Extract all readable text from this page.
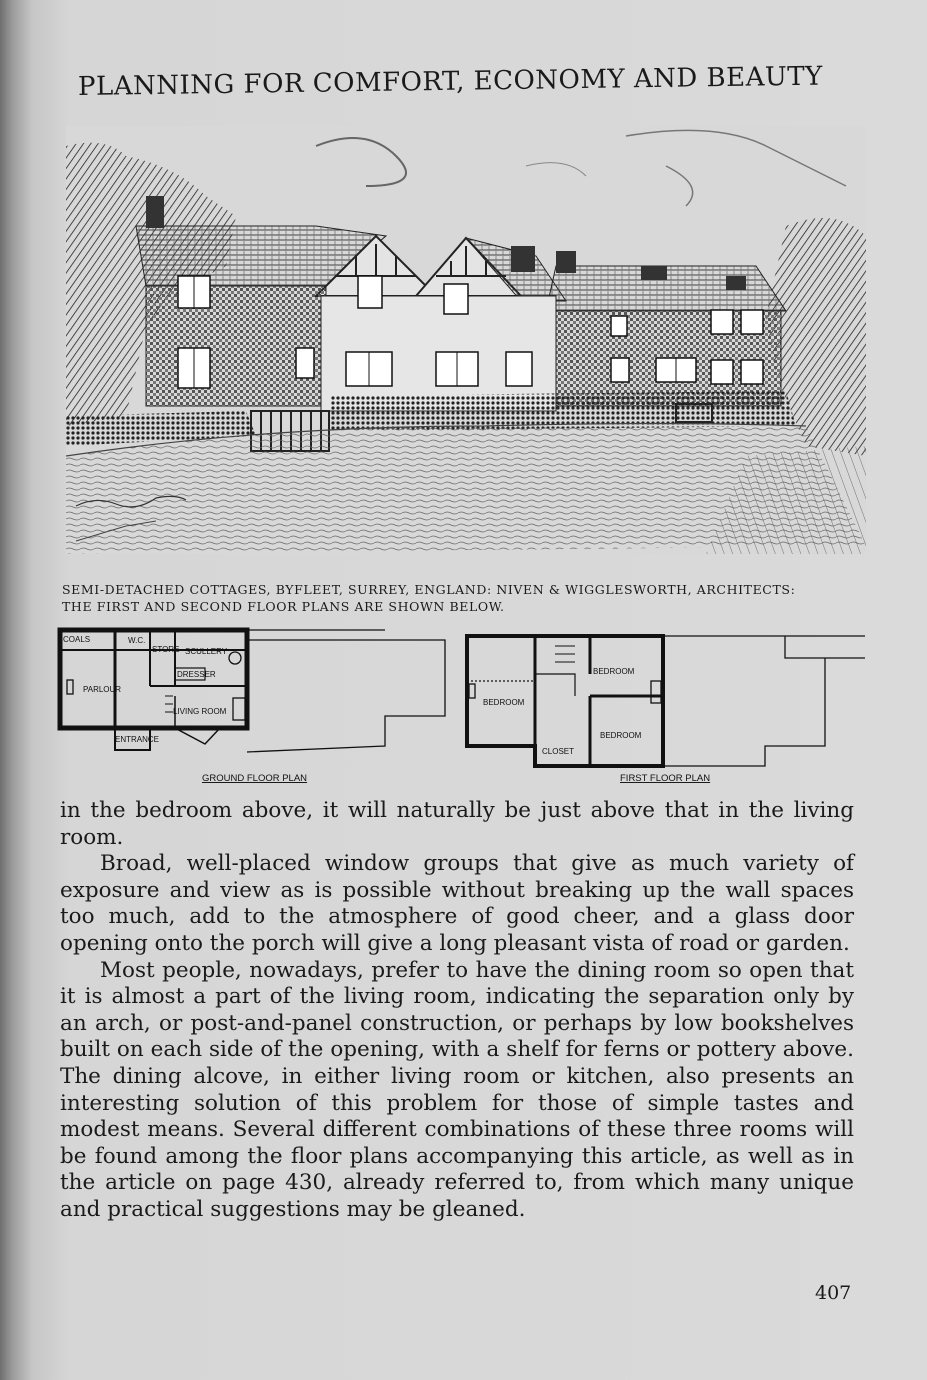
PLANNING FOR COMFORT, ECONOMY AND BEAUTY
SEMI-DETACHED COTTAGES, BYFLEET, SURREY, ENGLAND: NIVEN & WIGGLESWORTH, ARCHITECTS:
THE FIRST AND SECOND FLOOR PLANS ARE SHOWN BELOW.
COALS	W.C.
STORE SCULLERY
DRESSER
PARLOUR
LIVING ROOM
ENTRANCE
GROUND FLOOR PLAN
BEDROOM
BEDROOM
BEDROOM
CLOSET
FIRST FLOOR PLAN

in the bedroom above, it will naturally be just above that in the living room.

Broad, well-placed window groups that give as much variety of exposure and view as is possible without breaking up the wall spaces too much, add to the atmosphere of good cheer, and a glass door opening onto the porch will give a long pleasant vista of road or garden.

Most people, nowadays, prefer to have the dining room so open that it is almost a part of the living room, indicating the separation only by an arch, or post-and-panel construction, or perhaps by low bookshelves built on each side of the opening, with a shelf for ferns or pottery above. The dining alcove, in either living room or kitchen, also presents an interesting solution of this problem for those of simple tastes and modest means. Several different combinations of these three rooms will be found among the floor plans accompanying this article, as well as in the article on page 430, already referred to, from which many unique and practical suggestions may be gleaned.

407
